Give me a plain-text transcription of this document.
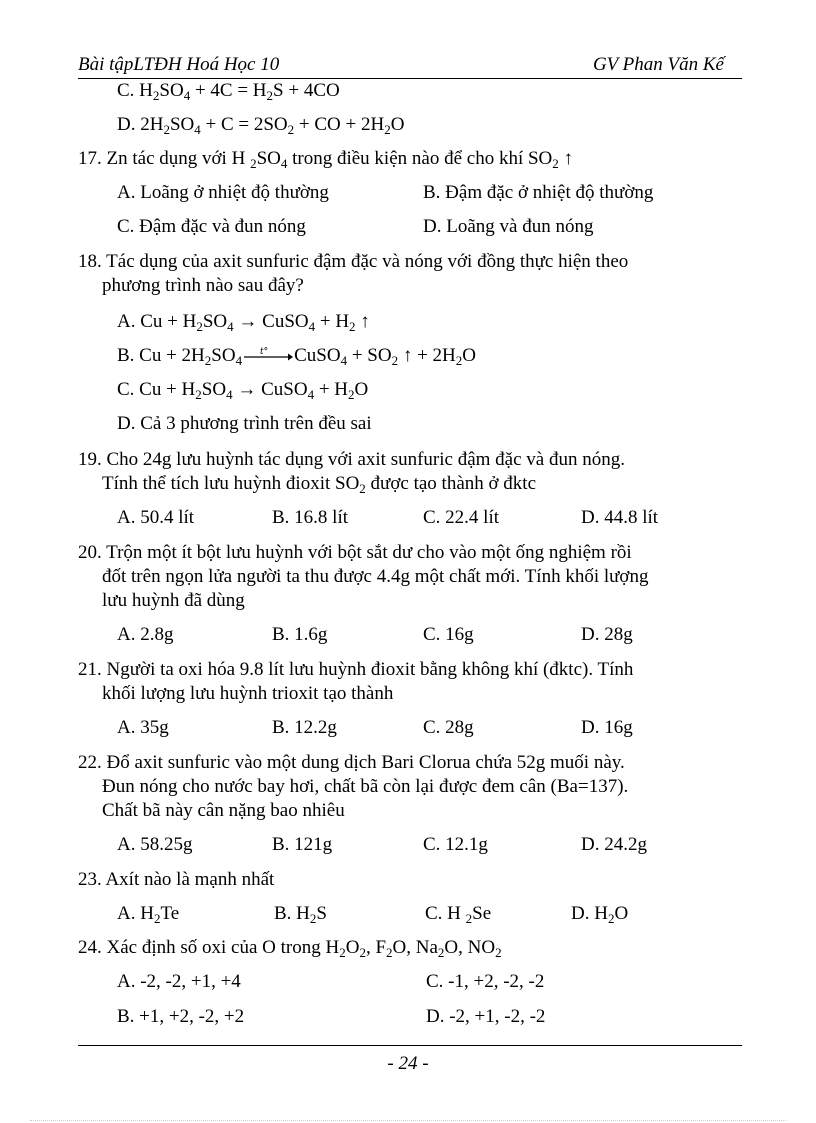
Bài tậpLTĐH Hoá Học 10	GV Phan Văn Kế
C. $H_2SO_4 + 4C = H_2S + 4CO$
D. $2H_2SO_4 + C = 2SO_2$ + CO + $2H_2O$
17. Zn tác dụng với H $_2SO_4$ trong điều kiện nào để cho khí $SO_2$ ↑
A. Loãng ở nhiệt độ thường	B. Đậm đặc ở nhiệt độ thường
C. Đậm đặc và đun nóng	D. Loãng và đun nóng
18. Tác dụng của axit sunfuric đậm đặc và nóng với đồng thực hiện theo
phương trình nào sau đây?
A. $Cu + H_2SO_4$ → CuSO$_4$ + $H_2$ ↑
B. $Cu + 2H_2SO_4$
t° CuSO$_4$ + $SO_2$ ↑ + $2H_2O$
C. $Cu + H_2SO_4$ → CuSO$_4$ + $H_2O$
D. Cả 3 phương trình trên đều sai
19. Cho 24g lưu huỳnh tác dụng với axit sunfuric đậm đặc và đun nóng.
Tính thể tích lưu huỳnh đioxit $SO_2$ được tạo thành ở đktc
A. 50.4 lít	B. 16.8 lít	C. 22.4 lít	D. 44.8 lít
20. Trộn một ít bột lưu huỳnh với bột sắt dư cho vào một ống nghiệm rồi
đốt trên ngọn lửa người ta thu được 4.4g một chất mới. Tính khối lượng
lưu huỳnh đã dùng
A. 2.8g	B. 1.6g	C. 16g	D. 28g
21. Người ta oxi hóa 9.8 lít lưu huỳnh đioxit bằng không khí (đktc). Tính
khối lượng lưu huỳnh trioxit tạo thành
A. 35g	B. 12.2g	C. 28g	D. 16g
22. Đổ axit sunfuric vào một dung dịch Bari Clorua chứa 52g muối này.
Đun nóng cho nước bay hơi, chất bã còn lại được đem cân (Ba=137).
Chất bã này cân nặng bao nhiêu
A. 58.25g	B. 121g	C. 12.1g	D. 24.2g
23. Axít nào là mạnh nhất
A. $H_2Te$	B. $H_2S$	C. H $_2$Se	D. $H_2O$
24. Xác định số oxi của O trong $H_2O_2$, $F_2O$, $Na_2O$, $NO_2$
A. -2, -2, +1, +4	C. -1, +2, -2, -2
B. +1, +2, -2, +2	D. -2, +1, -2, -2
- 24 -
